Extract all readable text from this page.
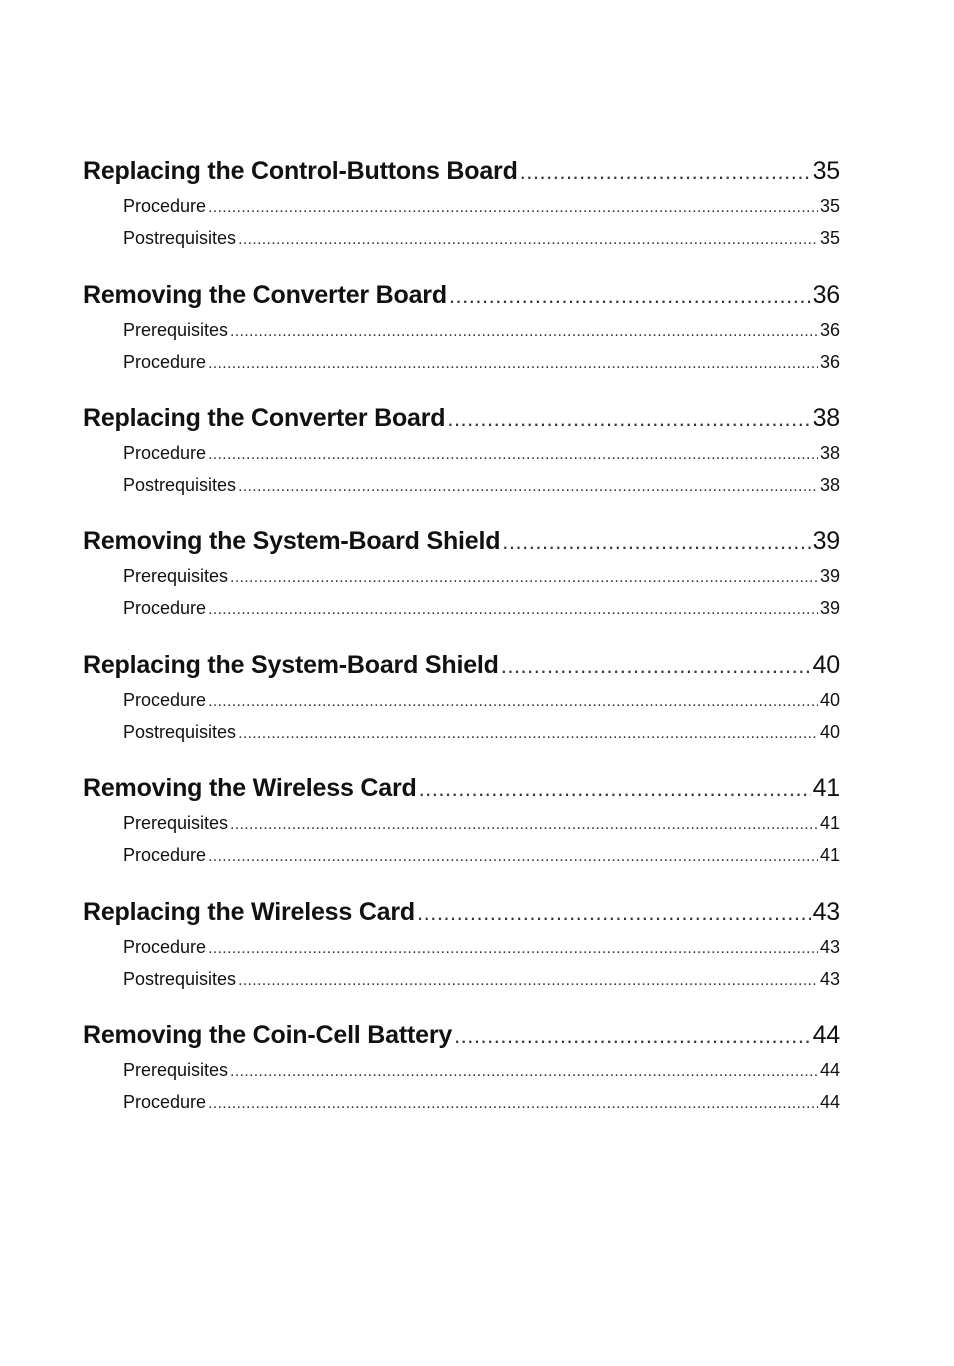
Replacing the Control-Buttons Board .....	35
Procedure .....	35
Postrequisites .....	35
Removing the Converter Board .....	36
Prerequisites .....	36
Procedure .....	36
Replacing the Converter Board .....	38
Procedure .....	38
Postrequisites .....	38
Removing the System-Board Shield .....	39
Prerequisites .....	39
Procedure .....	39
Replacing the System-Board Shield .....	40
Procedure .....	40
Postrequisites .....	40
Removing the Wireless Card .....	41
Prerequisites .....	41
Procedure .....	41
Replacing the Wireless Card .....	43
Procedure .....	43
Postrequisites .....	43
Removing the Coin-Cell Battery .....	44
Prerequisites .....	44
Procedure .....	44
